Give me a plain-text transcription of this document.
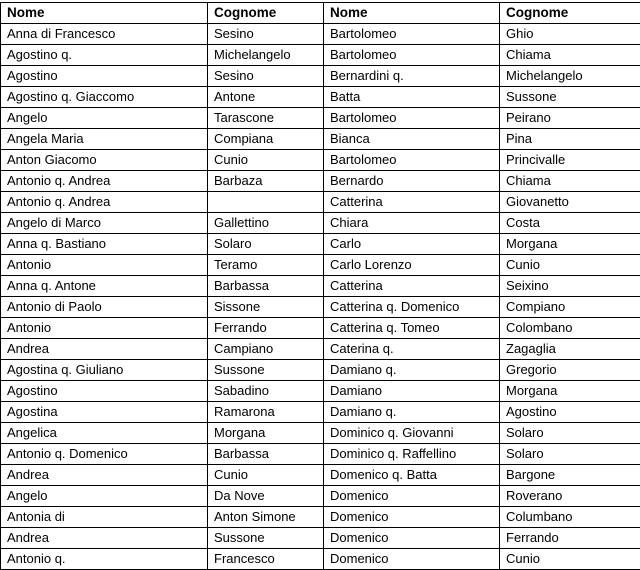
Nome	Cognome	Nome	Cognome
Anna di Francesco	Sesino	Bartolomeo	Ghio
Agostino q.	Michelangelo	Bartolomeo	Chiama
Agostino	Sesino	Bernardini q.	Michelangelo
Agostino q. Giaccomo	Antone	Batta	Sussone
Angelo	Tarascone	Bartolomeo	Peirano
Angela Maria	Compiana	Bianca	Pina
Anton Giacomo	Cunio	Bartolomeo	Princivalle
Antonio q. Andrea	Barbaza	Bernardo	Chiama
Antonio q. Andrea		Catterina	Giovanetto
Angelo di Marco	Gallettino	Chiara	Costa
Anna q. Bastiano	Solaro	Carlo	Morgana
Antonio	Teramo	Carlo Lorenzo	Cunio
Anna q. Antone	Barbassa	Catterina	Seixino
Antonio di Paolo	Sissone	Catterina q. Domenico	Compiano
Antonio	Ferrando	Catterina q. Tomeo	Colombano
Andrea	Campiano	Caterina q.	Zagaglia
Agostina q. Giuliano	Sussone	Damiano q.	Gregorio
Agostino	Sabadino	Damiano	Morgana
Agostina	Ramarona	Damiano q.	Agostino
Angelica	Morgana	Dominico q. Giovanni	Solaro
Antonio q. Domenico	Barbassa	Dominico q. Raffellino	Solaro
Andrea	Cunio	Domenico q. Batta	Bargone
Angelo	Da Nove	Domenico	Roverano
Antonia di	Anton Simone	Domenico	Columbano
Andrea	Sussone	Domenico	Ferrando
Antonio q.	Francesco	Domenico	Cunio
